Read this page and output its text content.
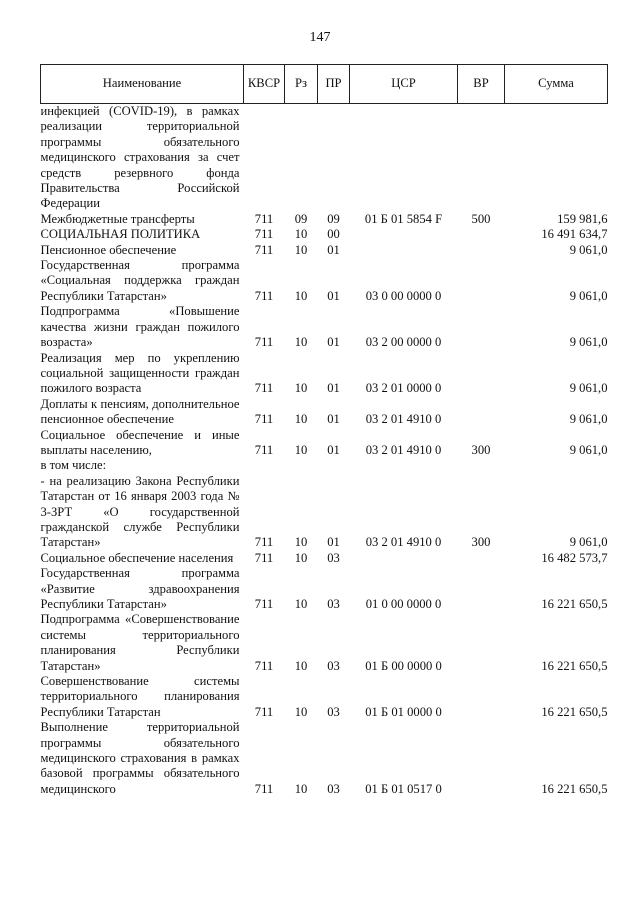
147
Наименование	КВСР	Рз	ПР	ЦСР	ВР	Сумма
инфекцией (COVID-19), в рамках реализации территориальной программы обязательного медицинского страхования за счет средств резервного фонда Правительства Российской Федерации						
Межбюджетные трансферты	711	09	09	01 Б 01 5854 F	500	159 981,6
СОЦИАЛЬНАЯ ПОЛИТИКА	711	10	00			16 491 634,7
Пенсионное обеспечение	711	10	01			9 061,0
Государственная программа «Социальная поддержка граждан Республики Татарстан»	711	10	01	03 0 00 0000 0		9 061,0
Подпрограмма «Повышение качества жизни граждан пожилого возраста»	711	10	01	03 2 00 0000 0		9 061,0
Реализация мер по укреплению социальной защищенности граждан пожилого возраста	711	10	01	03 2 01 0000 0		9 061,0
Доплаты к пенсиям, дополнительное пенсионное обеспечение	711	10	01	03 2 01 4910 0		9 061,0
Социальное обеспечение и иные выплаты населению,	711	10	01	03 2 01 4910 0	300	9 061,0
в том числе:						
- на реализацию Закона Республики Татарстан от 16 января 2003 года № 3-ЗРТ «О государственной гражданской службе Республики Татарстан»	711	10	01	03 2 01 4910 0	300	9 061,0
Социальное обеспечение населения	711	10	03			16 482 573,7
Государственная программа «Развитие здравоохранения Республики Татарстан»	711	10	03	01 0 00 0000 0		16 221 650,5
Подпрограмма «Совершенствование системы территориального планирования Республики Татарстан»	711	10	03	01 Б 00 0000 0		16 221 650,5
Совершенствование системы территориального планирования Республики Татарстан	711	10	03	01 Б 01 0000 0		16 221 650,5
Выполнение территориальной программы обязательного медицинского страхования в рамках базовой программы обязательного медицинского	711	10	03	01 Б 01 0517 0		16 221 650,5
